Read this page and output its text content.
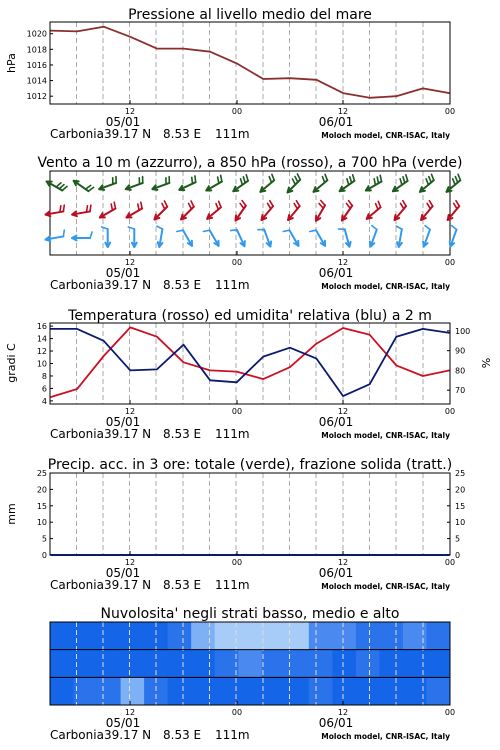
Pressione al livello medio del mare
1012
1014
1016
1018
1020
hPa
12	00	12	00
05/01	06/01
Carbonia 39.17 N 8.53 E 111m	Moloch model, CNR-ISAC, Italy
Vento a 10 m (azzurro), a 850 hPa (rosso), a 700 hPa (verde)
12	00	12	00
05/01	06/01
Carbonia 39.17 N 8.53 E 111m	Moloch model, CNR-ISAC, Italy
Temperatura (rosso) ed umidita' relativa (blu) a 2 m
4
6
8
10
12
14
16
70
80
90
100
gradi C	%
12	00	12	00
05/01	06/01
Carbonia 39.17 N 8.53 E 111m	Moloch model, CNR-ISAC, Italy
Precip. acc. in 3 ore: totale (verde), frazione solida (tratt.)
0
5
10
15
20
25
0
5
10
15
20
25
mm
12	00	12	00
05/01	06/01
Carbonia 39.17 N 8.53 E 111m	Moloch model, CNR-ISAC, Italy
Nuvolosita' negli strati basso, medio e alto
12	00	12	00
05/01	06/01
Carbonia 39.17 N 8.53 E 111m	Moloch model, CNR-ISAC, Italy
